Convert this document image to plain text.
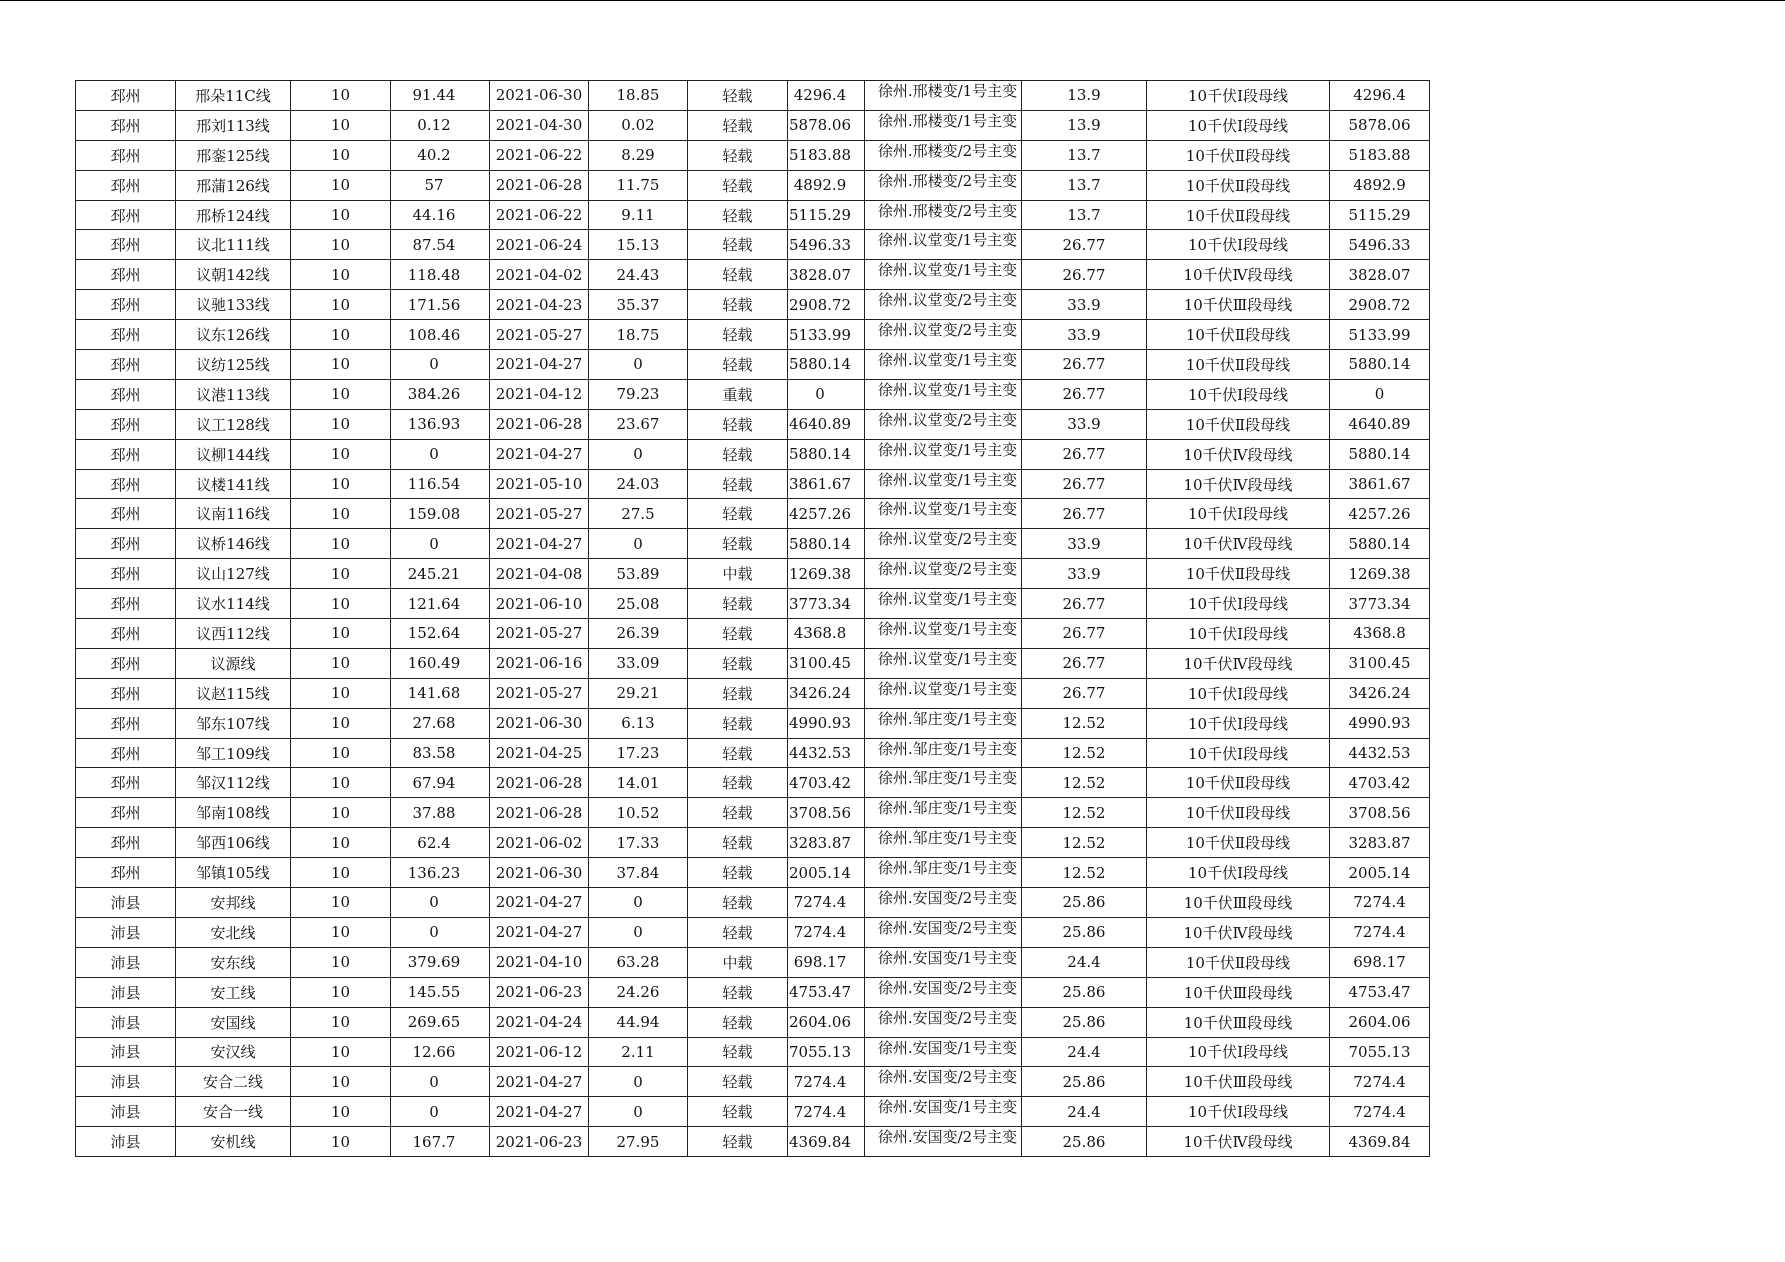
邳州	邢朵11C线	10	91.44	2021-06-30	18.85	轻载	4296.4	徐州.邢楼变/1号主变	13.9	10千伏Ⅰ段母线	4296.4
邳州	邢刘113线	10	0.12	2021-04-30	0.02	轻载	5878.06	徐州.邢楼变/1号主变	13.9	10千伏Ⅰ段母线	5878.06
邳州	邢銮125线	10	40.2	2021-06-22	8.29	轻载	5183.88	徐州.邢楼变/2号主变	13.7	10千伏Ⅱ段母线	5183.88
邳州	邢蒲126线	10	57	2021-06-28	11.75	轻载	4892.9	徐州.邢楼变/2号主变	13.7	10千伏Ⅱ段母线	4892.9
邳州	邢桥124线	10	44.16	2021-06-22	9.11	轻载	5115.29	徐州.邢楼变/2号主变	13.7	10千伏Ⅱ段母线	5115.29
邳州	议北111线	10	87.54	2021-06-24	15.13	轻载	5496.33	徐州.议堂变/1号主变	26.77	10千伏Ⅰ段母线	5496.33
邳州	议朝142线	10	118.48	2021-04-02	24.43	轻载	3828.07	徐州.议堂变/1号主变	26.77	10千伏Ⅳ段母线	3828.07
邳州	议驰133线	10	171.56	2021-04-23	35.37	轻载	2908.72	徐州.议堂变/2号主变	33.9	10千伏Ⅲ段母线	2908.72
邳州	议东126线	10	108.46	2021-05-27	18.75	轻载	5133.99	徐州.议堂变/2号主变	33.9	10千伏Ⅱ段母线	5133.99
邳州	议纺125线	10	0	2021-04-27	0	轻载	5880.14	徐州.议堂变/1号主变	26.77	10千伏Ⅱ段母线	5880.14
邳州	议港113线	10	384.26	2021-04-12	79.23	重载	0	徐州.议堂变/1号主变	26.77	10千伏Ⅰ段母线	0
邳州	议工128线	10	136.93	2021-06-28	23.67	轻载	4640.89	徐州.议堂变/2号主变	33.9	10千伏Ⅱ段母线	4640.89
邳州	议柳144线	10	0	2021-04-27	0	轻载	5880.14	徐州.议堂变/1号主变	26.77	10千伏Ⅳ段母线	5880.14
邳州	议楼141线	10	116.54	2021-05-10	24.03	轻载	3861.67	徐州.议堂变/1号主变	26.77	10千伏Ⅳ段母线	3861.67
邳州	议南116线	10	159.08	2021-05-27	27.5	轻载	4257.26	徐州.议堂变/1号主变	26.77	10千伏Ⅰ段母线	4257.26
邳州	议桥146线	10	0	2021-04-27	0	轻载	5880.14	徐州.议堂变/2号主变	33.9	10千伏Ⅳ段母线	5880.14
邳州	议山127线	10	245.21	2021-04-08	53.89	中载	1269.38	徐州.议堂变/2号主变	33.9	10千伏Ⅱ段母线	1269.38
邳州	议水114线	10	121.64	2021-06-10	25.08	轻载	3773.34	徐州.议堂变/1号主变	26.77	10千伏Ⅰ段母线	3773.34
邳州	议西112线	10	152.64	2021-05-27	26.39	轻载	4368.8	徐州.议堂变/1号主变	26.77	10千伏Ⅰ段母线	4368.8
邳州	议源线	10	160.49	2021-06-16	33.09	轻载	3100.45	徐州.议堂变/1号主变	26.77	10千伏Ⅳ段母线	3100.45
邳州	议赵115线	10	141.68	2021-05-27	29.21	轻载	3426.24	徐州.议堂变/1号主变	26.77	10千伏Ⅰ段母线	3426.24
邳州	邹东107线	10	27.68	2021-06-30	6.13	轻载	4990.93	徐州.邹庄变/1号主变	12.52	10千伏Ⅰ段母线	4990.93
邳州	邹工109线	10	83.58	2021-04-25	17.23	轻载	4432.53	徐州.邹庄变/1号主变	12.52	10千伏Ⅰ段母线	4432.53
邳州	邹汉112线	10	67.94	2021-06-28	14.01	轻载	4703.42	徐州.邹庄变/1号主变	12.52	10千伏Ⅱ段母线	4703.42
邳州	邹南108线	10	37.88	2021-06-28	10.52	轻载	3708.56	徐州.邹庄变/1号主变	12.52	10千伏Ⅱ段母线	3708.56
邳州	邹西106线	10	62.4	2021-06-02	17.33	轻载	3283.87	徐州.邹庄变/1号主变	12.52	10千伏Ⅱ段母线	3283.87
邳州	邹镇105线	10	136.23	2021-06-30	37.84	轻载	2005.14	徐州.邹庄变/1号主变	12.52	10千伏Ⅰ段母线	2005.14
沛县	安邦线	10	0	2021-04-27	0	轻载	7274.4	徐州.安国变/2号主变	25.86	10千伏Ⅲ段母线	7274.4
沛县	安北线	10	0	2021-04-27	0	轻载	7274.4	徐州.安国变/2号主变	25.86	10千伏Ⅳ段母线	7274.4
沛县	安东线	10	379.69	2021-04-10	63.28	中载	698.17	徐州.安国变/1号主变	24.4	10千伏Ⅱ段母线	698.17
沛县	安工线	10	145.55	2021-06-23	24.26	轻载	4753.47	徐州.安国变/2号主变	25.86	10千伏Ⅲ段母线	4753.47
沛县	安国线	10	269.65	2021-04-24	44.94	轻载	2604.06	徐州.安国变/2号主变	25.86	10千伏Ⅲ段母线	2604.06
沛县	安汉线	10	12.66	2021-06-12	2.11	轻载	7055.13	徐州.安国变/1号主变	24.4	10千伏Ⅰ段母线	7055.13
沛县	安合二线	10	0	2021-04-27	0	轻载	7274.4	徐州.安国变/2号主变	25.86	10千伏Ⅲ段母线	7274.4
沛县	安合一线	10	0	2021-04-27	0	轻载	7274.4	徐州.安国变/1号主变	24.4	10千伏Ⅰ段母线	7274.4
沛县	安机线	10	167.7	2021-06-23	27.95	轻载	4369.84	徐州.安国变/2号主变	25.86	10千伏Ⅳ段母线	4369.84
